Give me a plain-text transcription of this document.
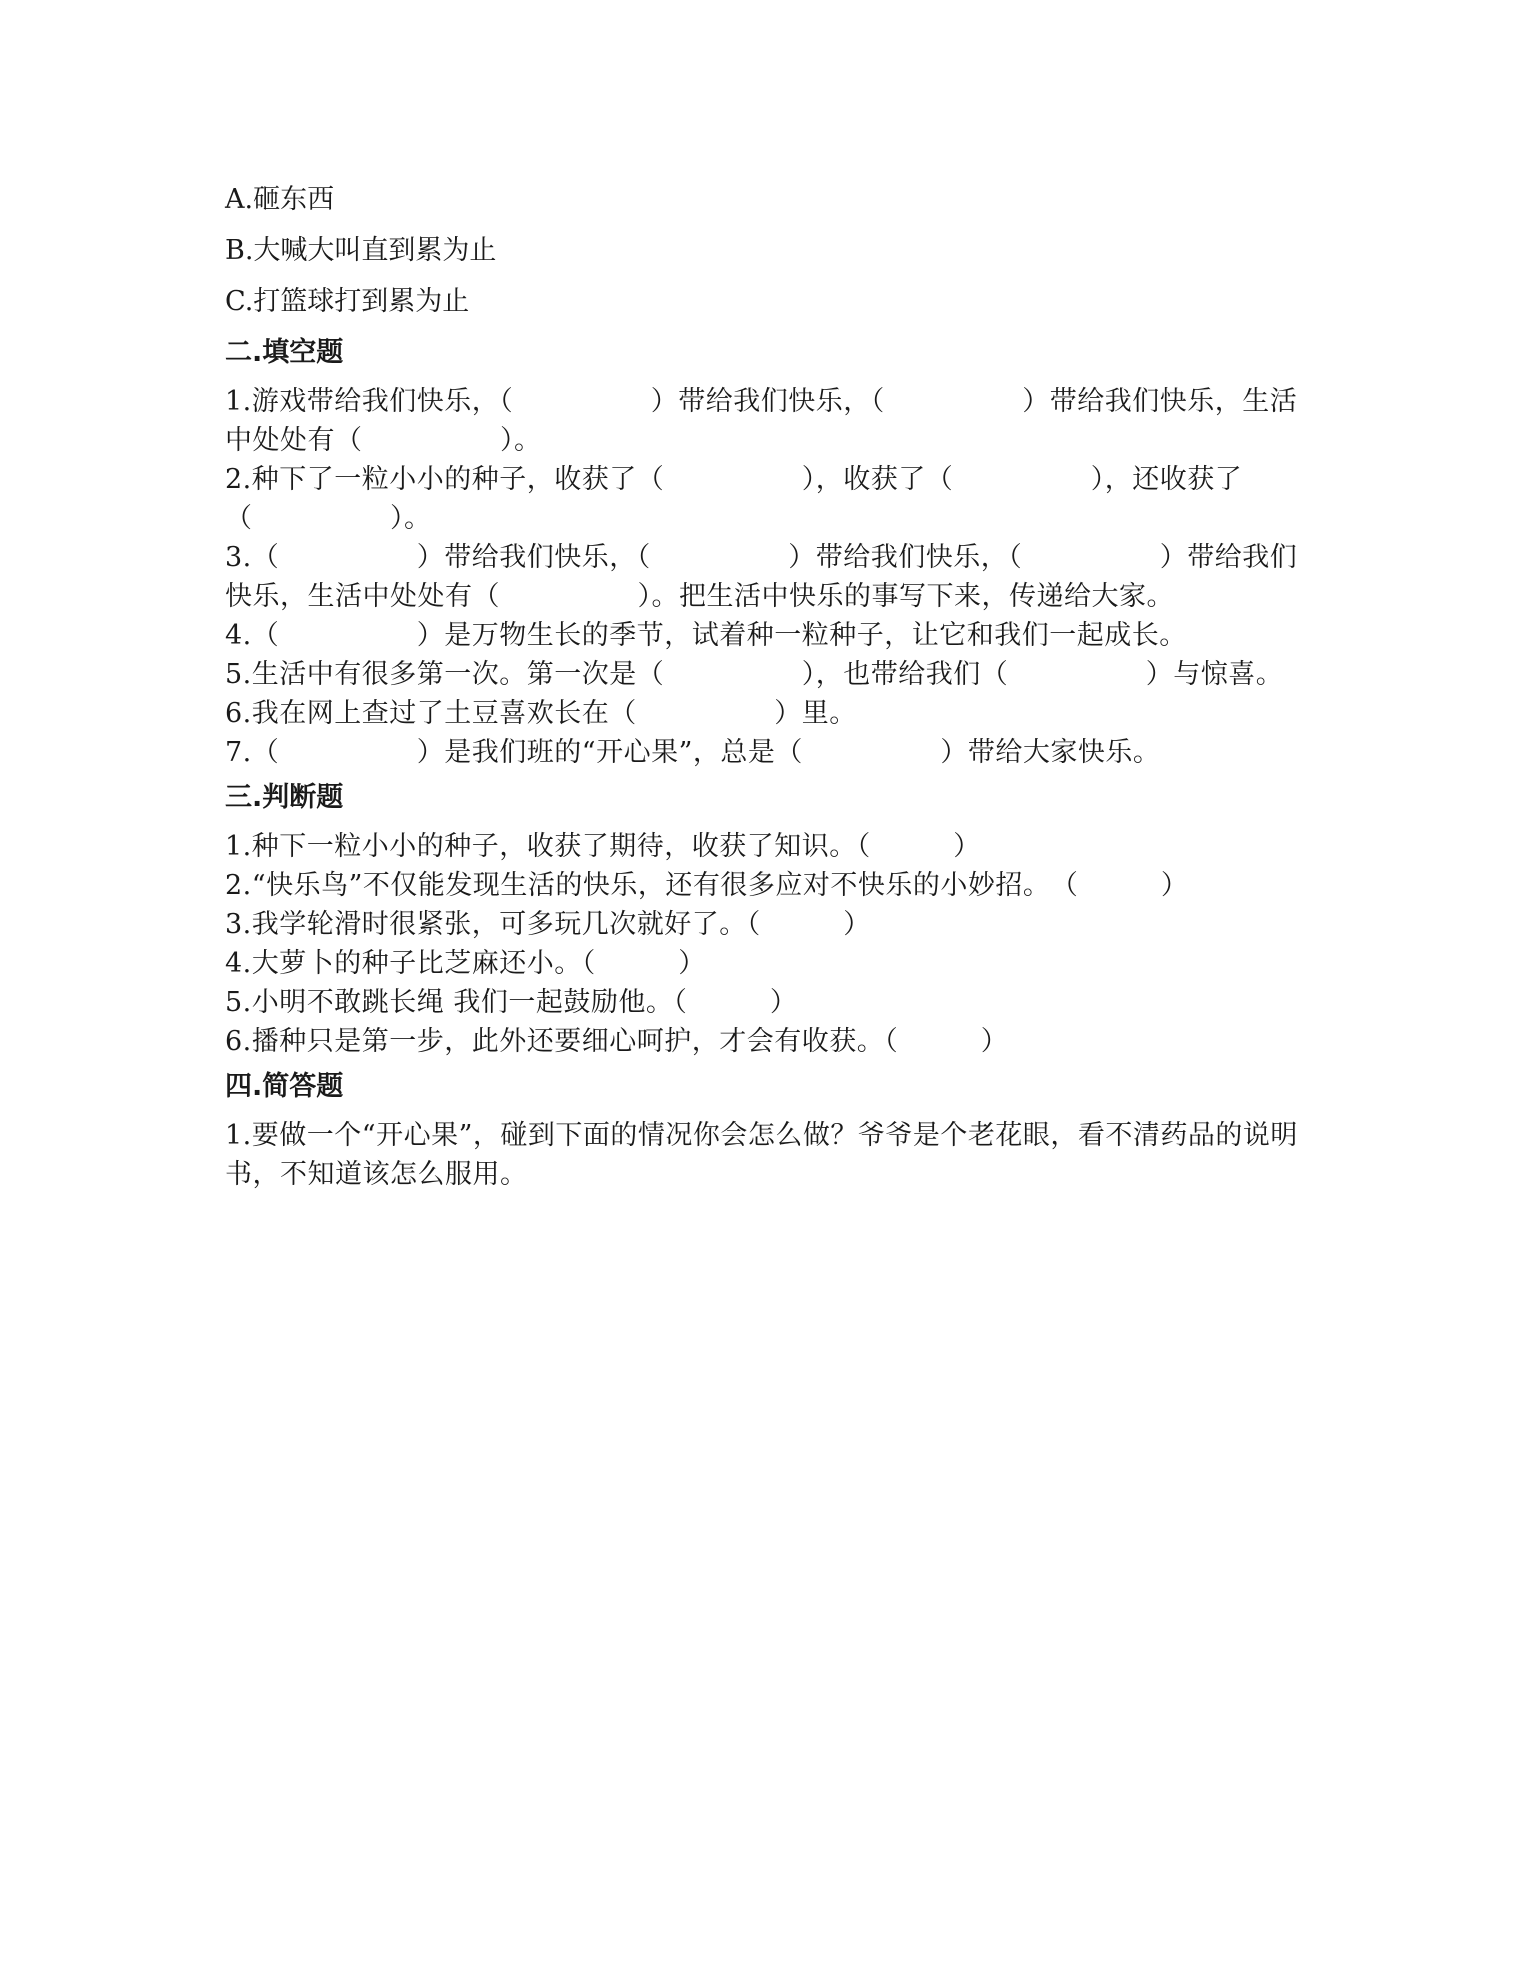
A.砸东西

B.大喊大叫直到累为止

C.打篮球打到累为止

二.填空题

1.游戏带给我们快乐，（　　　　　）带给我们快乐，（　　　　　）带给我们快乐，生活中处处有（　　　　　）。

2.种下了一粒小小的种子，收获了（　　　　　），收获了（　　　　　），还收获了（　　　　　）。

3.（　　　　　）带给我们快乐，（　　　　　）带给我们快乐，（　　　　　）带给我们快乐，生活中处处有（　　　　　）。把生活中快乐的事写下来，传递给大家。

4.（　　　　　）是万物生长的季节，试着种一粒种子，让它和我们一起成长。

5.生活中有很多第一次。第一次是（　　　　　），也带给我们（　　　　　）与惊喜。

6.我在网上查过了土豆喜欢长在（　　　　　）里。

7.（　　　　　）是我们班的“开心果”，总是（　　　　　）带给大家快乐。

三.判断题

1.种下一粒小小的种子，收获了期待，收获了知识。（　　　）

2.“快乐鸟”不仅能发现生活的快乐，还有很多应对不快乐的小妙招。　（　　　）

3.我学轮滑时很紧张，可多玩几次就好了。（　　　）

4.大萝卜的种子比芝麻还小。（　　　）

5.小明不敢跳长绳 我们一起鼓励他。（　　　）

6.播种只是第一步，此外还要细心呵护，才会有收获。（　　　）

四.简答题

1.要做一个“开心果”，碰到下面的情况你会怎么做？爷爷是个老花眼，看不清药品的说明书，不知道该怎么服用。
